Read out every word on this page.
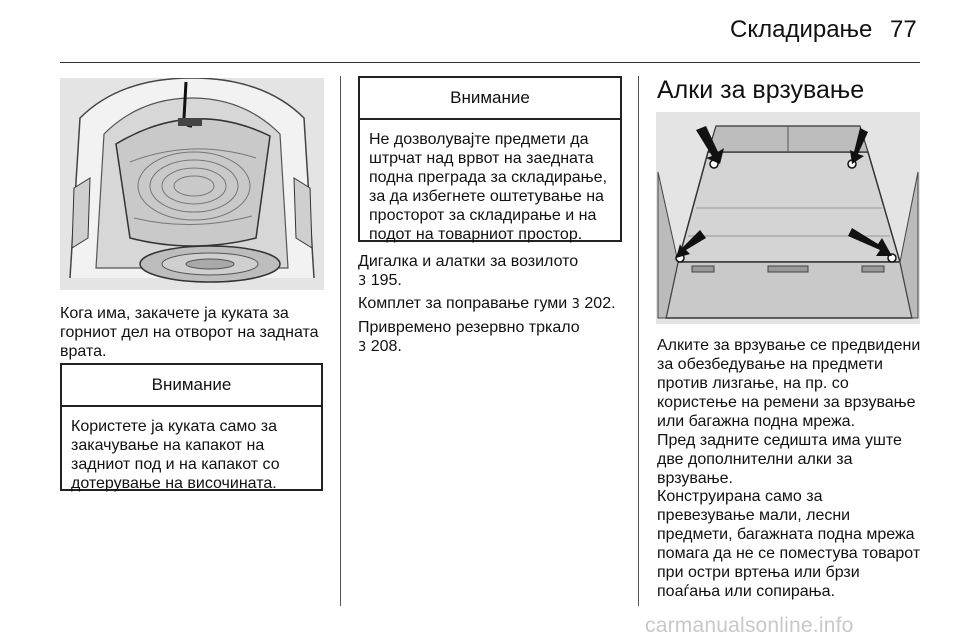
Складирање 77

Кога има, закачете ја куката за
горниот дел на отворот на задната
врата.

Внимание

Користете ја куката само за
закачување на капакот на
задниот под и на капакот со
дотерување на височината.

Внимание

Не дозволувајте предмети да
штрчат над врвот на заедната
подна преграда за складирање,
за да избегнете оштетување на
просторот за складирање и на
подот на товарниот простор.

Дигалка и алатки за возилото
3 195.

Комплет за поправање гуми 3 202.

Привремено резервно тркало
3 208.

Алки за врзување

Алките за врзување се предвидени
за обезбедување на предмети
против лизгање, на пр. со
користење на ремени за врзување
или багажна подна мрежа.

Пред задните седишта има уште
две дополнителни алки за
врзување.

Конструирана само за
превезување мали, лесни
предмети, багажната подна мрежа
помага да не се поместува товарот
при остри вртења или брзи
поаѓања или сопирања.

carmanualsonline.info
